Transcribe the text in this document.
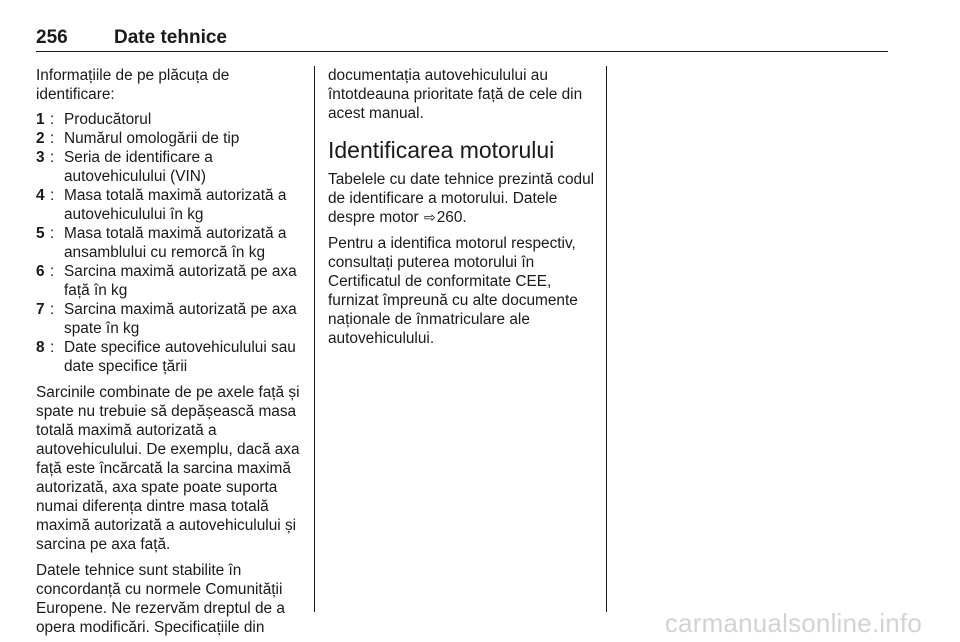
256 Date tehnice

Informațiile de pe plăcuța de identificare:

1 : Producătorul
2 : Numărul omologării de tip
3 : Seria de identificare a autovehiculului (VIN)
4 : Masa totală maximă autorizată a autovehiculului în kg
5 : Masa totală maximă autorizată a ansamblului cu remorcă în kg
6 : Sarcina maximă autorizată pe axa față în kg
7 : Sarcina maximă autorizată pe axa spate în kg
8 : Date specifice autovehiculului sau date specifice țării

Sarcinile combinate de pe axele față și spate nu trebuie să depășească masa totală maximă autorizată a autovehiculului. De exemplu, dacă axa față este încărcată la sarcina maximă autorizată, axa spate poate suporta numai diferența dintre masa totală maximă autorizată a autovehiculului și sarcina pe axa față.

Datele tehnice sunt stabilite în concordanță cu normele Comunității Europene. Ne rezervăm dreptul de a opera modificări. Specificațiile din

documentația autovehiculului au întotdeauna prioritate față de cele din acest manual.

Identificarea motorului

Tabelele cu date tehnice prezintă codul de identificare a motorului. Datele despre motor ⇨260.

Pentru a identifica motorul respectiv, consultați puterea motorului în Certificatul de conformitate CEE, furnizat împreună cu alte documente naționale de înmatriculare ale autovehiculului.

carmanualsonline.info
